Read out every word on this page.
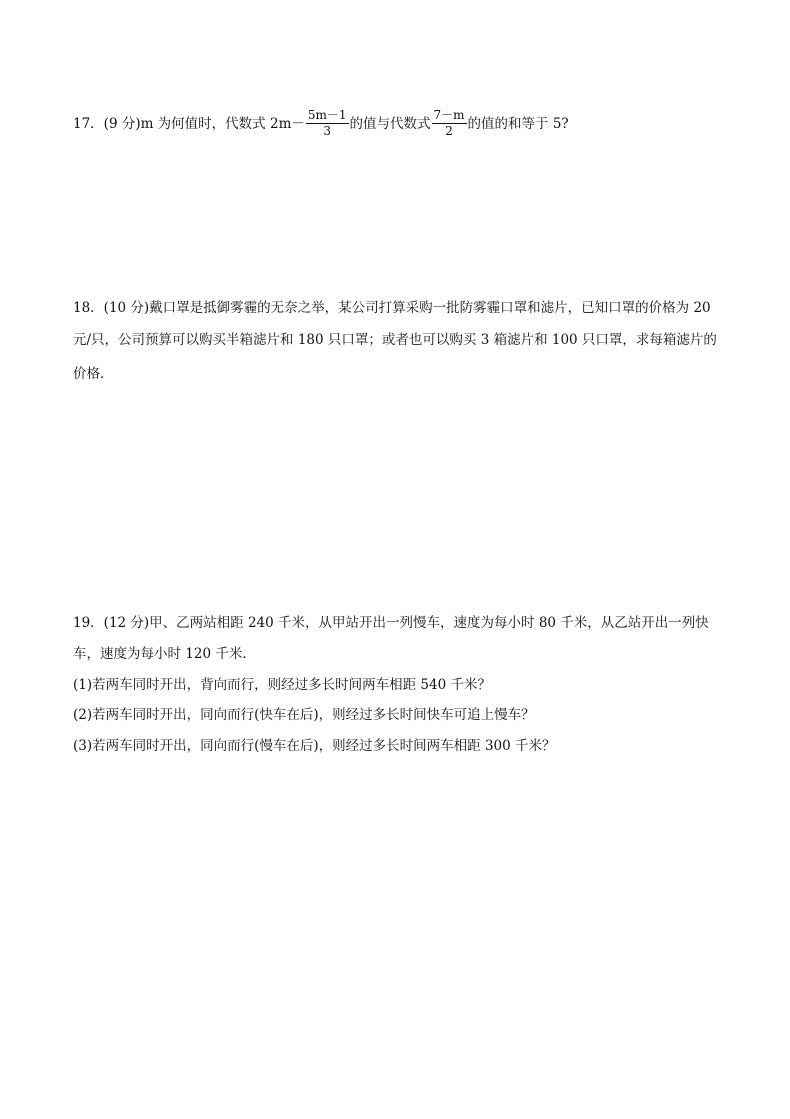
17．(9 分)m 为何值时，代数式 $2m- \frac{5m-1}{3}$ 的值与代数式 $\frac{7-m}{2}$ 的值的和等于 5?
18．(10 分)戴口罩是抵御雾霾的无奈之举，某公司打算采购一批防雾霾口罩和滤片，已知口罩的价格为 20
元/只，公司预算可以购买半箱滤片和 180 只口罩；或者也可以购买 3 箱滤片和 100 只口罩，求每箱滤片的
价格．
19．(12 分)甲、乙两站相距 240 千米，从甲站开出一列慢车，速度为每小时 80 千米，从乙站开出一列快
车，速度为每小时 120 千米．
(1)若两车同时开出，背向而行，则经过多长时间两车相距 540 千米？
(2)若两车同时开出，同向而行(快车在后)，则经过多长时间快车可追上慢车？
(3)若两车同时开出，同向而行(慢车在后)，则经过多长时间两车相距 300 千米？
